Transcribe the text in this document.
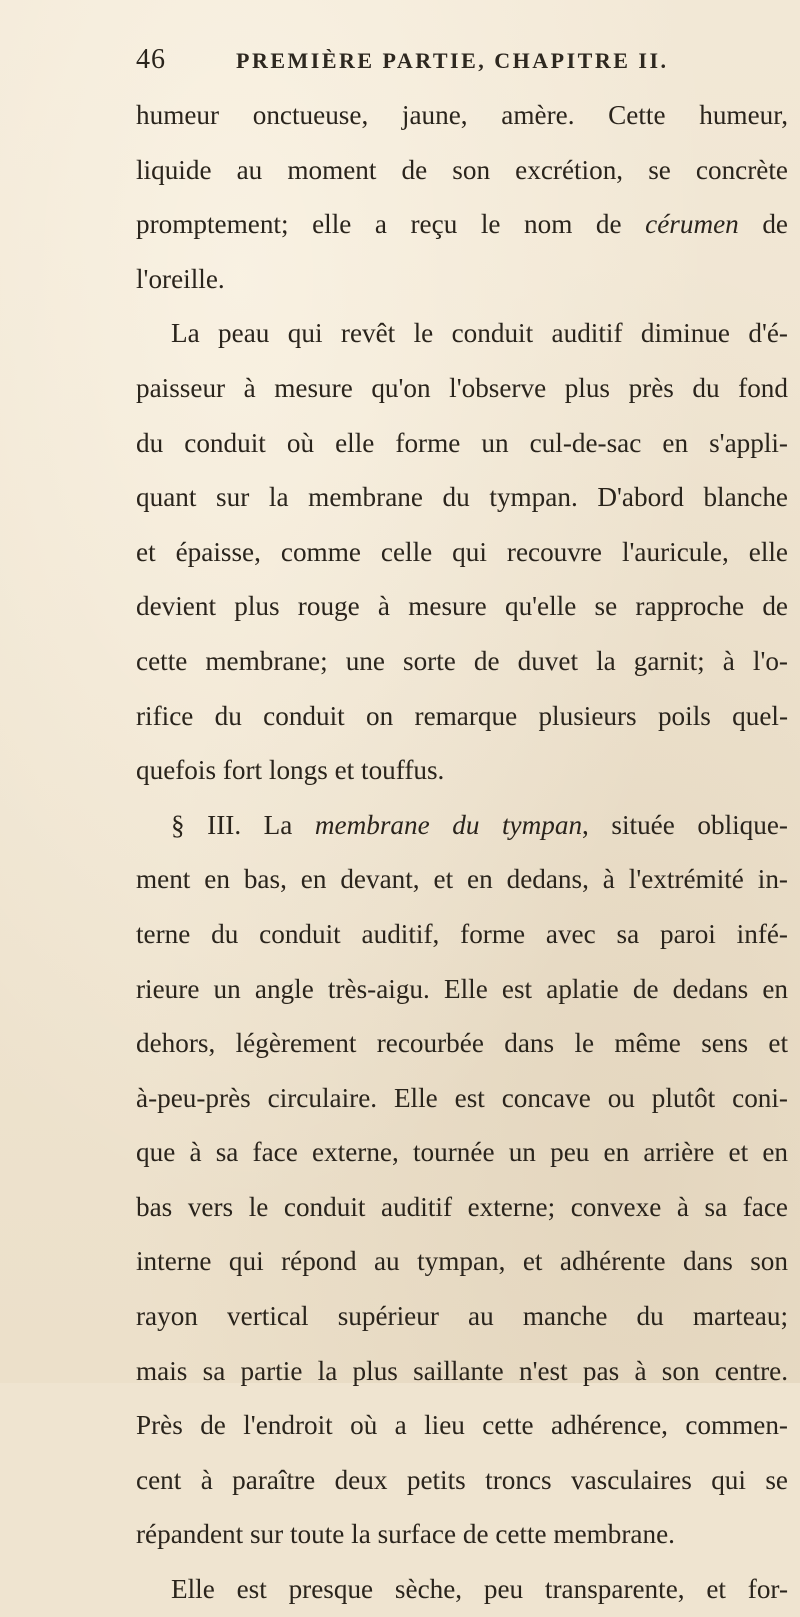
46	PREMIÈRE PARTIE, CHAPITRE II.
humeur onctueuse, jaune, amère. Cette humeur,
liquide au moment de son excrétion, se concrète
promptement; elle a reçu le nom de cérumen de
l'oreille.
La peau qui revêt le conduit auditif diminue d'é-
paisseur à mesure qu'on l'observe plus près du fond
du conduit où elle forme un cul-de-sac en s'appli-
quant sur la membrane du tympan. D'abord blanche
et épaisse, comme celle qui recouvre l'auricule, elle
devient plus rouge à mesure qu'elle se rapproche de
cette membrane; une sorte de duvet la garnit; à l'o-
rifice du conduit on remarque plusieurs poils quel-
quefois fort longs et touffus.
§ III. La membrane du tympan, située oblique-
ment en bas, en devant, et en dedans, à l'extrémité in-
terne du conduit auditif, forme avec sa paroi infé-
rieure un angle très-aigu. Elle est aplatie de dedans en
dehors, légèrement recourbée dans le même sens et
à-peu-près circulaire. Elle est concave ou plutôt coni-
que à sa face externe, tournée un peu en arrière et en
bas vers le conduit auditif externe; convexe à sa face
interne qui répond au tympan, et adhérente dans son
rayon vertical supérieur au manche du marteau;
mais sa partie la plus saillante n'est pas à son centre.
Près de l'endroit où a lieu cette adhérence, commen-
cent à paraître deux petits troncs vasculaires qui se
répandent sur toute la surface de cette membrane.
Elle est presque sèche, peu transparente, et for-
